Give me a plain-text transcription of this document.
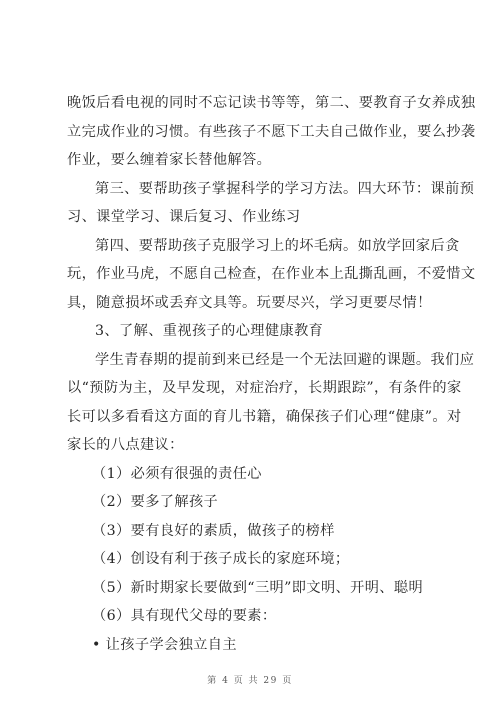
晚饭后看电视的同时不忘记读书等等，第二、要教育子女养成独
立完成作业的习惯。有些孩子不愿下工夫自己做作业，要么抄袭
作业，要么缠着家长替他解答。
第三、要帮助孩子掌握科学的学习方法。四大环节：课前预
习、课堂学习、课后复习、作业练习
第四、要帮助孩子克服学习上的坏毛病。如放学回家后贪
玩，作业马虎，不愿自己检查，在作业本上乱撕乱画，不爱惜文
具，随意损坏或丢弃文具等。玩要尽兴，学习更要尽情！
3、了解、重视孩子的心理健康教育
学生青春期的提前到来已经是一个无法回避的课题。我们应
以“预防为主，及早发现，对症治疗，长期跟踪”，有条件的家
长可以多看看这方面的育儿书籍，确保孩子们心理“健康”。对
家长的八点建议：
（1）必须有很强的责任心
（2）要多了解孩子
（3）要有良好的素质，做孩子的榜样
（4）创设有利于孩子成长的家庭环境；
（5）新时期家长要做到“三明”即文明、开明、聪明
（6）具有现代父母的要素：
• 让孩子学会独立自主
第 4 页 共 29 页
